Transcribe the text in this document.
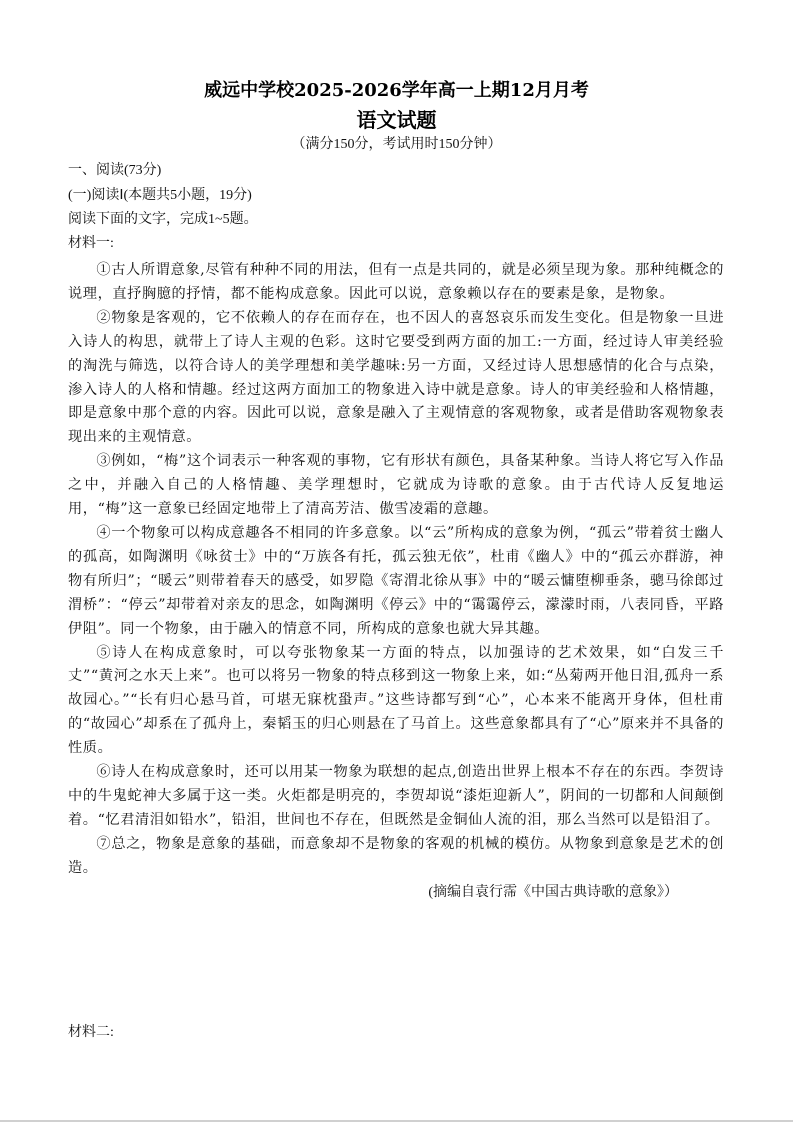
威远中学校2025-2026学年高一上期12月月考
语文试题
（满分150分，考试用时150分钟）
一、阅读(73分)
(一)阅读Ⅰ(本题共5小题，19分)
阅读下面的文字，完成1~5题。
材料一:

①古人所谓意象,尽管有种种不同的用法，但有一点是共同的，就是必须呈现为象。那种纯概念的说理，直抒胸臆的抒情，都不能构成意象。因此可以说，意象赖以存在的要素是象，是物象。

②物象是客观的，它不依赖人的存在而存在，也不因人的喜怒哀乐而发生变化。但是物象一旦进入诗人的构思，就带上了诗人主观的色彩。这时它要受到两方面的加工:一方面，经过诗人审美经验的淘洗与筛选，以符合诗人的美学理想和美学趣味:另一方面，又经过诗人思想感情的化合与点染，渗入诗人的人格和情趣。经过这两方面加工的物象进入诗中就是意象。诗人的审美经验和人格情趣，即是意象中那个意的内容。因此可以说，意象是融入了主观情意的客观物象，或者是借助客观物象表现出来的主观情意。

③例如，“梅”这个词表示一种客观的事物，它有形状有颜色，具备某种象。当诗人将它写入作品之中，并融入自己的人格情趣、美学理想时，它就成为诗歌的意象。由于古代诗人反复地运用，“梅”这一意象已经固定地带上了清高芳洁、傲雪凌霜的意趣。

④一个物象可以构成意趣各不相同的许多意象。以“云”所构成的意象为例，“孤云”带着贫士幽人的孤高，如陶渊明《咏贫士》中的“万族各有托，孤云独无依”，杜甫《幽人》中的“孤云亦群游，神物有所归”；“暖云”则带着春天的感受，如罗隐《寄渭北徐从事》中的“暖云慵堕柳垂条，骢马徐郎过渭桥”：“停云”却带着对亲友的思念，如陶渊明《停云》中的“霭霭停云，濛濛时雨，八表同昏，平路伊阻”。同一个物象，由于融入的情意不同，所构成的意象也就大异其趣。

⑤诗人在构成意象时，可以夸张物象某一方面的特点，以加强诗的艺术效果，如“白发三千丈”“黄河之水天上来”。也可以将另一物象的特点移到这一物象上来，如:“丛菊两开他日泪,孤舟一系故园心。”“长有归心悬马首，可堪无寐枕蛩声。”这些诗都写到“心”，心本来不能离开身体，但杜甫的“故园心”却系在了孤舟上，秦韬玉的归心则悬在了马首上。这些意象都具有了“心”原来并不具备的性质。

⑥诗人在构成意象时，还可以用某一物象为联想的起点,创造出世界上根本不存在的东西。李贺诗中的牛鬼蛇神大多属于这一类。火炬都是明亮的，李贺却说“漆炬迎新人”，阴间的一切都和人间颠倒着。“忆君清泪如铅水”，铅泪，世间也不存在，但既然是金铜仙人流的泪，那么当然可以是铅泪了。

⑦总之，物象是意象的基础，而意象却不是物象的客观的机械的模仿。从物象到意象是艺术的创造。

(摘编自袁行霈《中国古典诗歌的意象》）

材料二:
